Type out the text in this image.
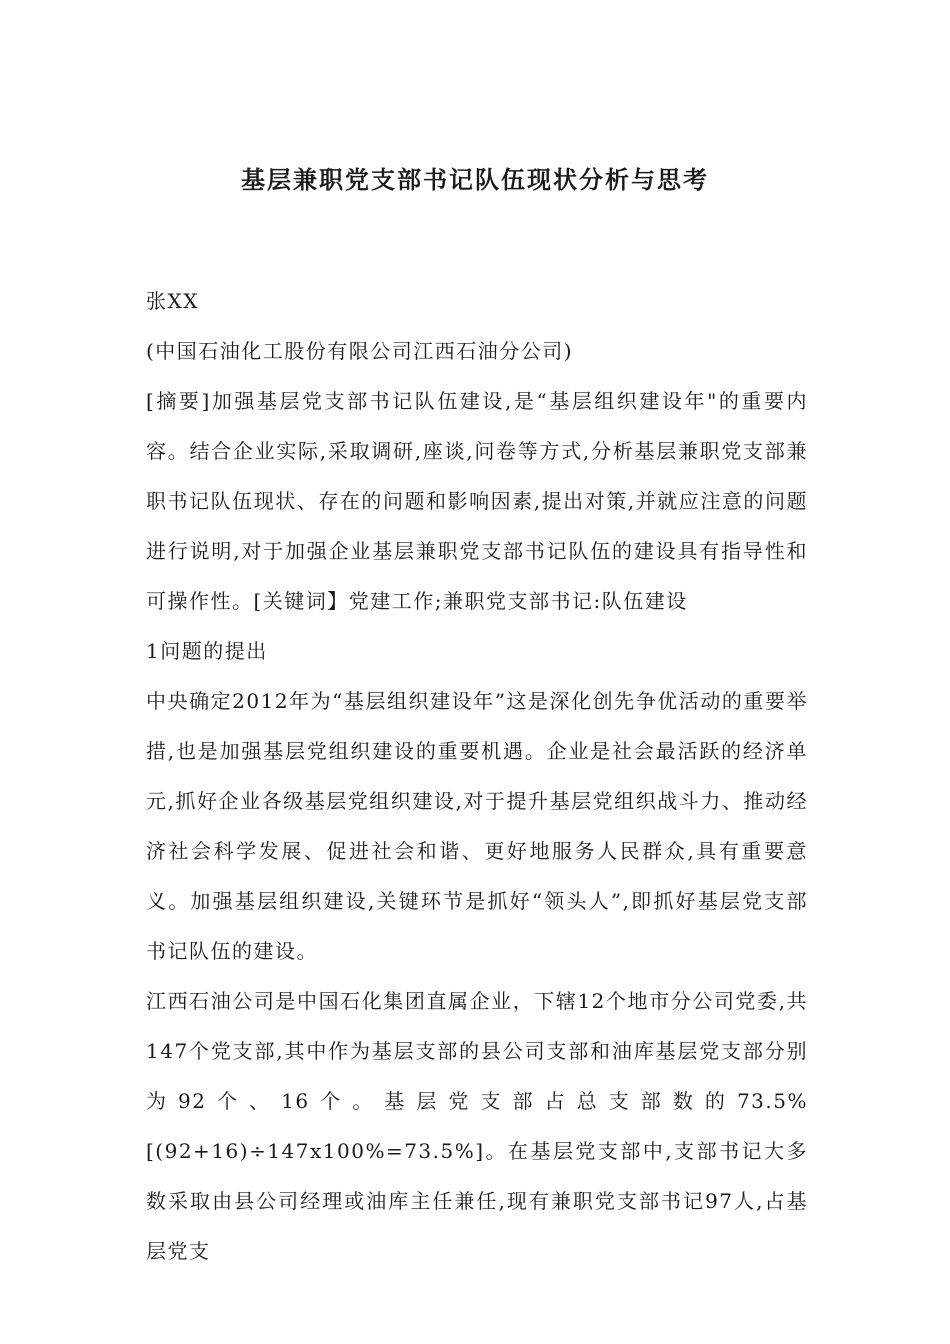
基层兼职党支部书记队伍现状分析与思考

张XX

(中国石油化工股份有限公司江西石油分公司)

[摘要]加强基层党支部书记队伍建设,是“基层组织建设年"的重要内容。结合企业实际,采取调研,座谈,问卷等方式,分析基层兼职党支部兼职书记队伍现状、存在的问题和影响因素,提出对策,并就应注意的问题进行说明,对于加强企业基层兼职党支部书记队伍的建设具有指导性和可操作性。[关键词】党建工作;兼职党支部书记:队伍建设

1问题的提出

中央确定2012年为“基层组织建设年”这是深化创先争优活动的重要举措,也是加强基层党组织建设的重要机遇。企业是社会最活跃的经济单元,抓好企业各级基层党组织建设,对于提升基层党组织战斗力、推动经济社会科学发展、促进社会和谐、更好地服务人民群众,具有重要意义。加强基层组织建设,关键环节是抓好“领头人”,即抓好基层党支部书记队伍的建设。

江西石油公司是中国石化集团直属企业，下辖12个地市分公司党委,共147个党支部,其中作为基层支部的县公司支部和油库基层党支部分别为92个、16个。基层党支部占总支部数的73.5%[(92+16)÷147x100%=73.5%]。在基层党支部中,支部书记大多数采取由县公司经理或油库主任兼任,现有兼职党支部书记97人,占基层党支
